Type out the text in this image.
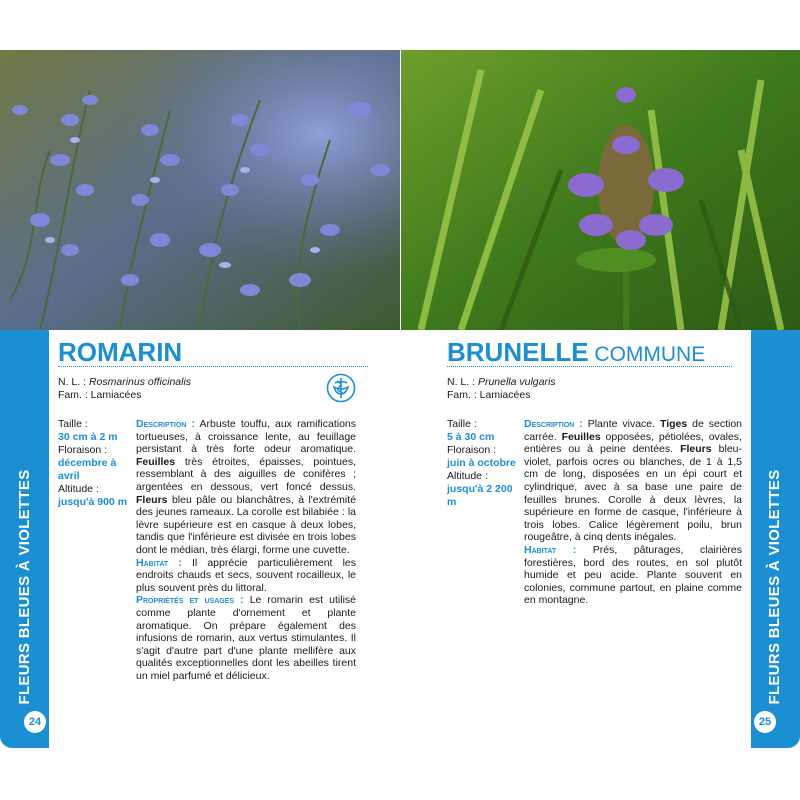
FLEURS BLEUES À VIOLETTES	FLEURS BLEUES À VIOLETTES
24	25
ROMARIN
N. L. : Rosmarinus officinalis
Fam. : Lamiacées
Taille :
30 cm à 2 m
Floraison :
décembre à avril
Altitude :
jusqu'à 900 m

Description : Arbuste touffu, aux ramifications tortueuses, à croissance lente, au feuillage persistant à très forte odeur aromatique. Feuilles très étroites, épaisses, pointues, ressemblant à des aiguilles de conifères ; argentées en dessous, vert foncé dessus. Fleurs bleu pâle ou blanchâtres, à l'extrémité des jeunes rameaux. La corolle est bilabiée : la lèvre supérieure est en casque à deux lobes, tandis que l'inférieure est divisée en trois lobes dont le médian, très élargi, forme une cuvette.

Habitat : Il apprécie particulièrement les endroits chauds et secs, souvent rocailleux, le plus souvent près du littoral.

Propriétés et usages : Le romarin est utilisé comme plante d'ornement et plante aromatique. On prépare également des infusions de romarin, aux vertus stimulantes. Il s'agit d'autre part d'une plante mellifère aux qualités exceptionnelles dont les abeilles tirent un miel parfumé et délicieux.

BRUNELLE COMMUNE
N. L. : Prunella vulgaris
Fam. : Lamiacées
Taille :
5 à 30 cm
Floraison :
juin à octobre
Altitude :
jusqu'à 2 200 m

Description : Plante vivace. Tiges de section carrée. Feuilles opposées, pétiolées, ovales, entières ou à peine dentées. Fleurs bleu-violet, parfois ocres ou blanches, de 1 à 1,5 cm de long, disposées en un épi court et cylindrique, avec à sa base une paire de feuilles brunes. Corolle à deux lèvres, la supérieure en forme de casque, l'inférieure à trois lobes. Calice légèrement poilu, brun rougeâtre, à cinq dents inégales.

Habitat : Prés, pâturages, clairières forestières, bord des routes, en sol plutôt humide et peu acide. Plante souvent en colonies, commune partout, en plaine comme en montagne.
